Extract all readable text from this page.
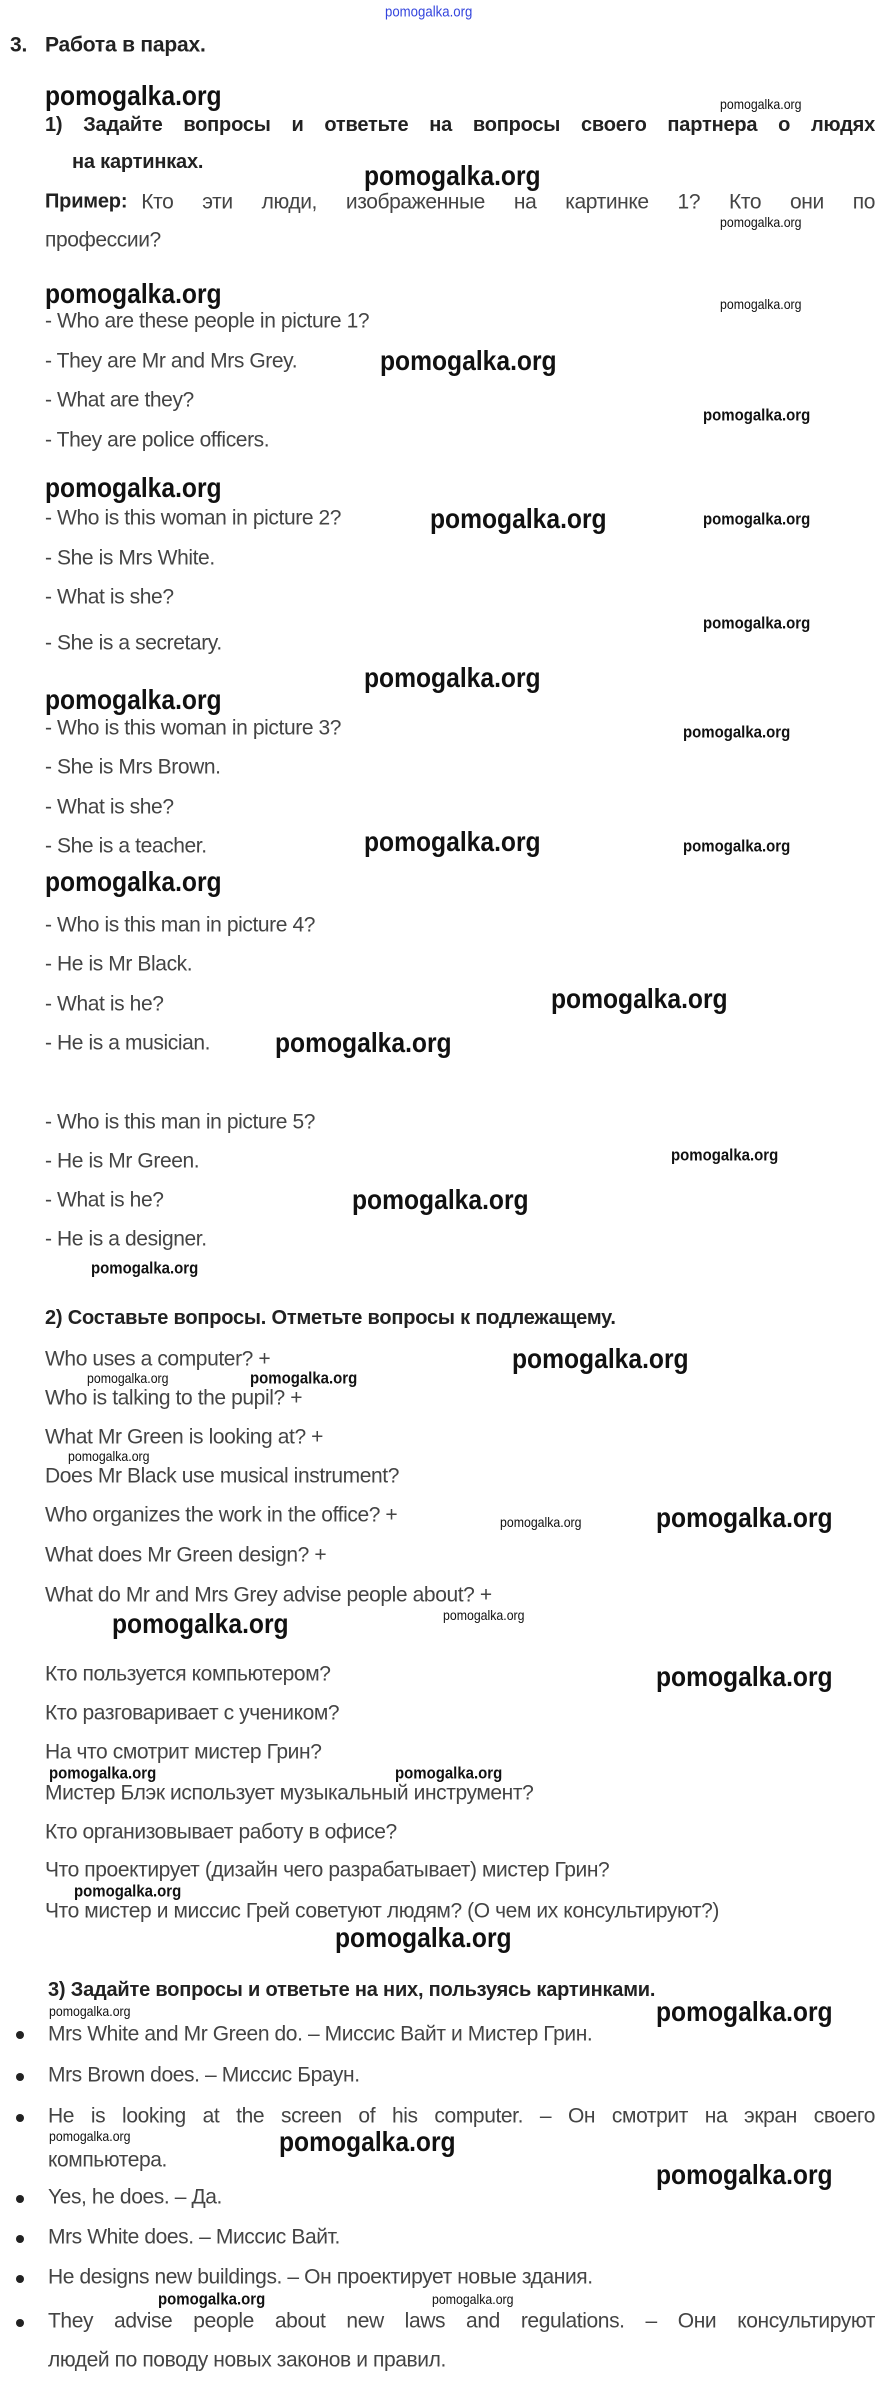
pomogalka.org
3. Работа в парах.
1) Задайте вопросы и ответьте на вопросы своего партнера о людях
на картинках.
Пример: Кто эти люди, изображенные на картинке 1? Кто они по
профессии?
- Who are these people in picture 1?
- They are Mr and Mrs Grey.
- What are they?
- They are police officers.
- Who is this woman in picture 2?
- She is Mrs White.
- What is she?
- She is a secretary.
- Who is this woman in picture 3?
- She is Mrs Brown.
- What is she?
- She is a teacher.
- Who is this man in picture 4?
- He is Mr Black.
- What is he?
- He is a musician.
- Who is this man in picture 5?
- He is Mr Green.
- What is he?
- He is a designer.
2) Составьте вопросы. Отметьте вопросы к подлежащему.
Who uses a computer? +
Who is talking to the pupil? +
What Mr Green is looking at? +
Does Mr Black use musical instrument?
Who organizes the work in the office? +
What does Mr Green design? +
What do Mr and Mrs Grey advise people about? +
Кто пользуется компьютером?
Кто разговаривает с учеником?
На что смотрит мистер Грин?
Мистер Блэк использует музыкальный инструмент?
Кто организовывает работу в офисе?
Что проектирует (дизайн чего разрабатывает) мистер Грин?
Что мистер и миссис Грей советуют людям? (О чем их консультируют?)
3) Задайте вопросы и ответьте на них, пользуясь картинками.
Mrs White and Mr Green do. – Миссис Вайт и Мистер Грин.
Mrs Brown does. – Миссис Браун.
He is looking at the screen of his computer. – Он смотрит на экран своего
компьютера.
Yes, he does. – Да.
Mrs White does. – Миссис Вайт.
He designs new buildings. – Он проектирует новые здания.
They advise people about new laws and regulations. – Они консультируют
людей по поводу новых законов и правил.
pomogalka.org	pomogalka.org
pomogalka.org
pomogalka.org
pomogalka.org	pomogalka.org
pomogalka.org
pomogalka.org
pomogalka.org
pomogalka.org	pomogalka.org
pomogalka.org
pomogalka.org
pomogalka.org
pomogalka.org
pomogalka.org	pomogalka.org
pomogalka.org
pomogalka.org
pomogalka.org
pomogalka.org
pomogalka.org
pomogalka.org
pomogalka.org
pomogalka.org	pomogalka.org
pomogalka.org
pomogalka.org	pomogalka.org
pomogalka.org
pomogalka.org
pomogalka.org
pomogalka.org	pomogalka.org
pomogalka.org
pomogalka.org
pomogalka.org	pomogalka.org
pomogalka.org	pomogalka.org
pomogalka.org
pomogalka.org	pomogalka.org
